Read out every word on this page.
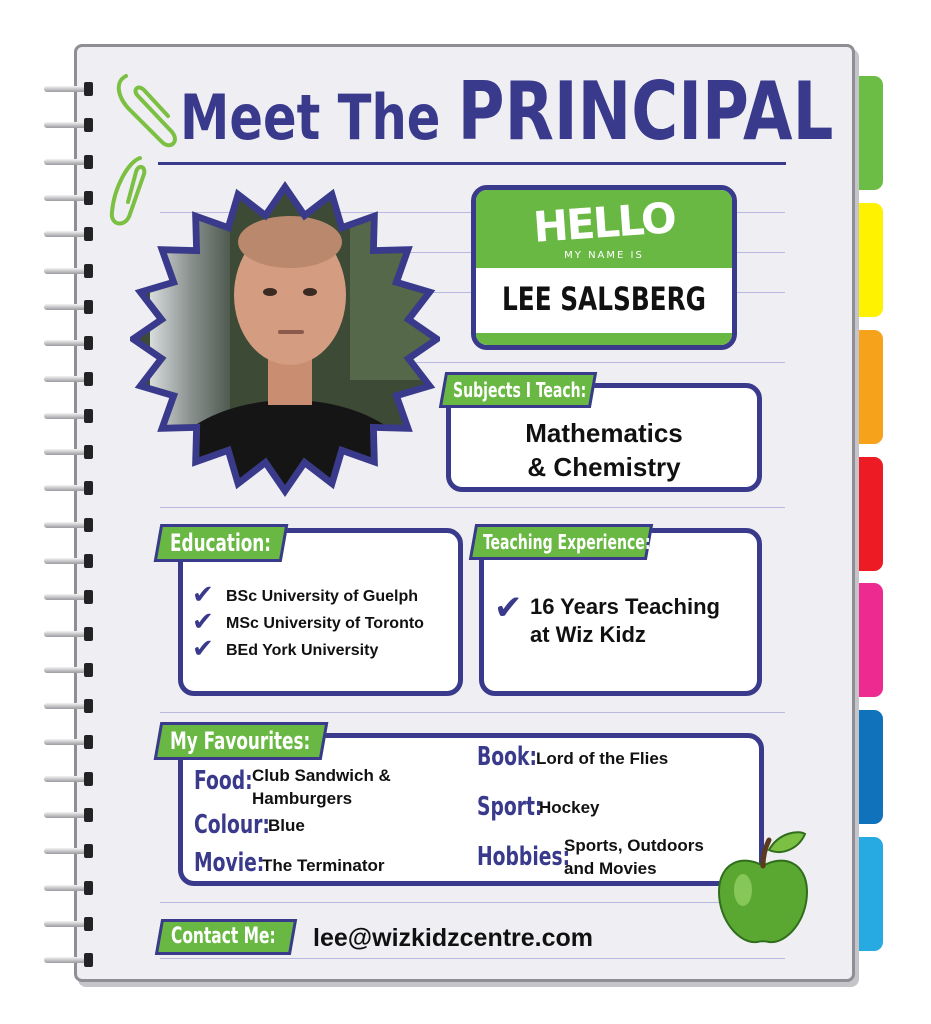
Meet The PRINCIPAL
HELLO
MY NAME IS
LEE SALSBERG
Subjects I Teach:
Mathematics
& Chemistry
Education:
✔ BSc University of Guelph
✔ MSc University of Toronto
✔ BEd York University
Teaching Experience:
✔ 16 Years Teaching
at Wiz Kidz
My Favourites:
Food: Club Sandwich &
Hamburgers
Colour:
Blue
Movie:
The Terminator
Book: Lord of the Flies
Sport:
Hockey
Hobbies:
Sports, Outdoors
and Movies
Contact Me:	lee@wizkidzcentre.com
